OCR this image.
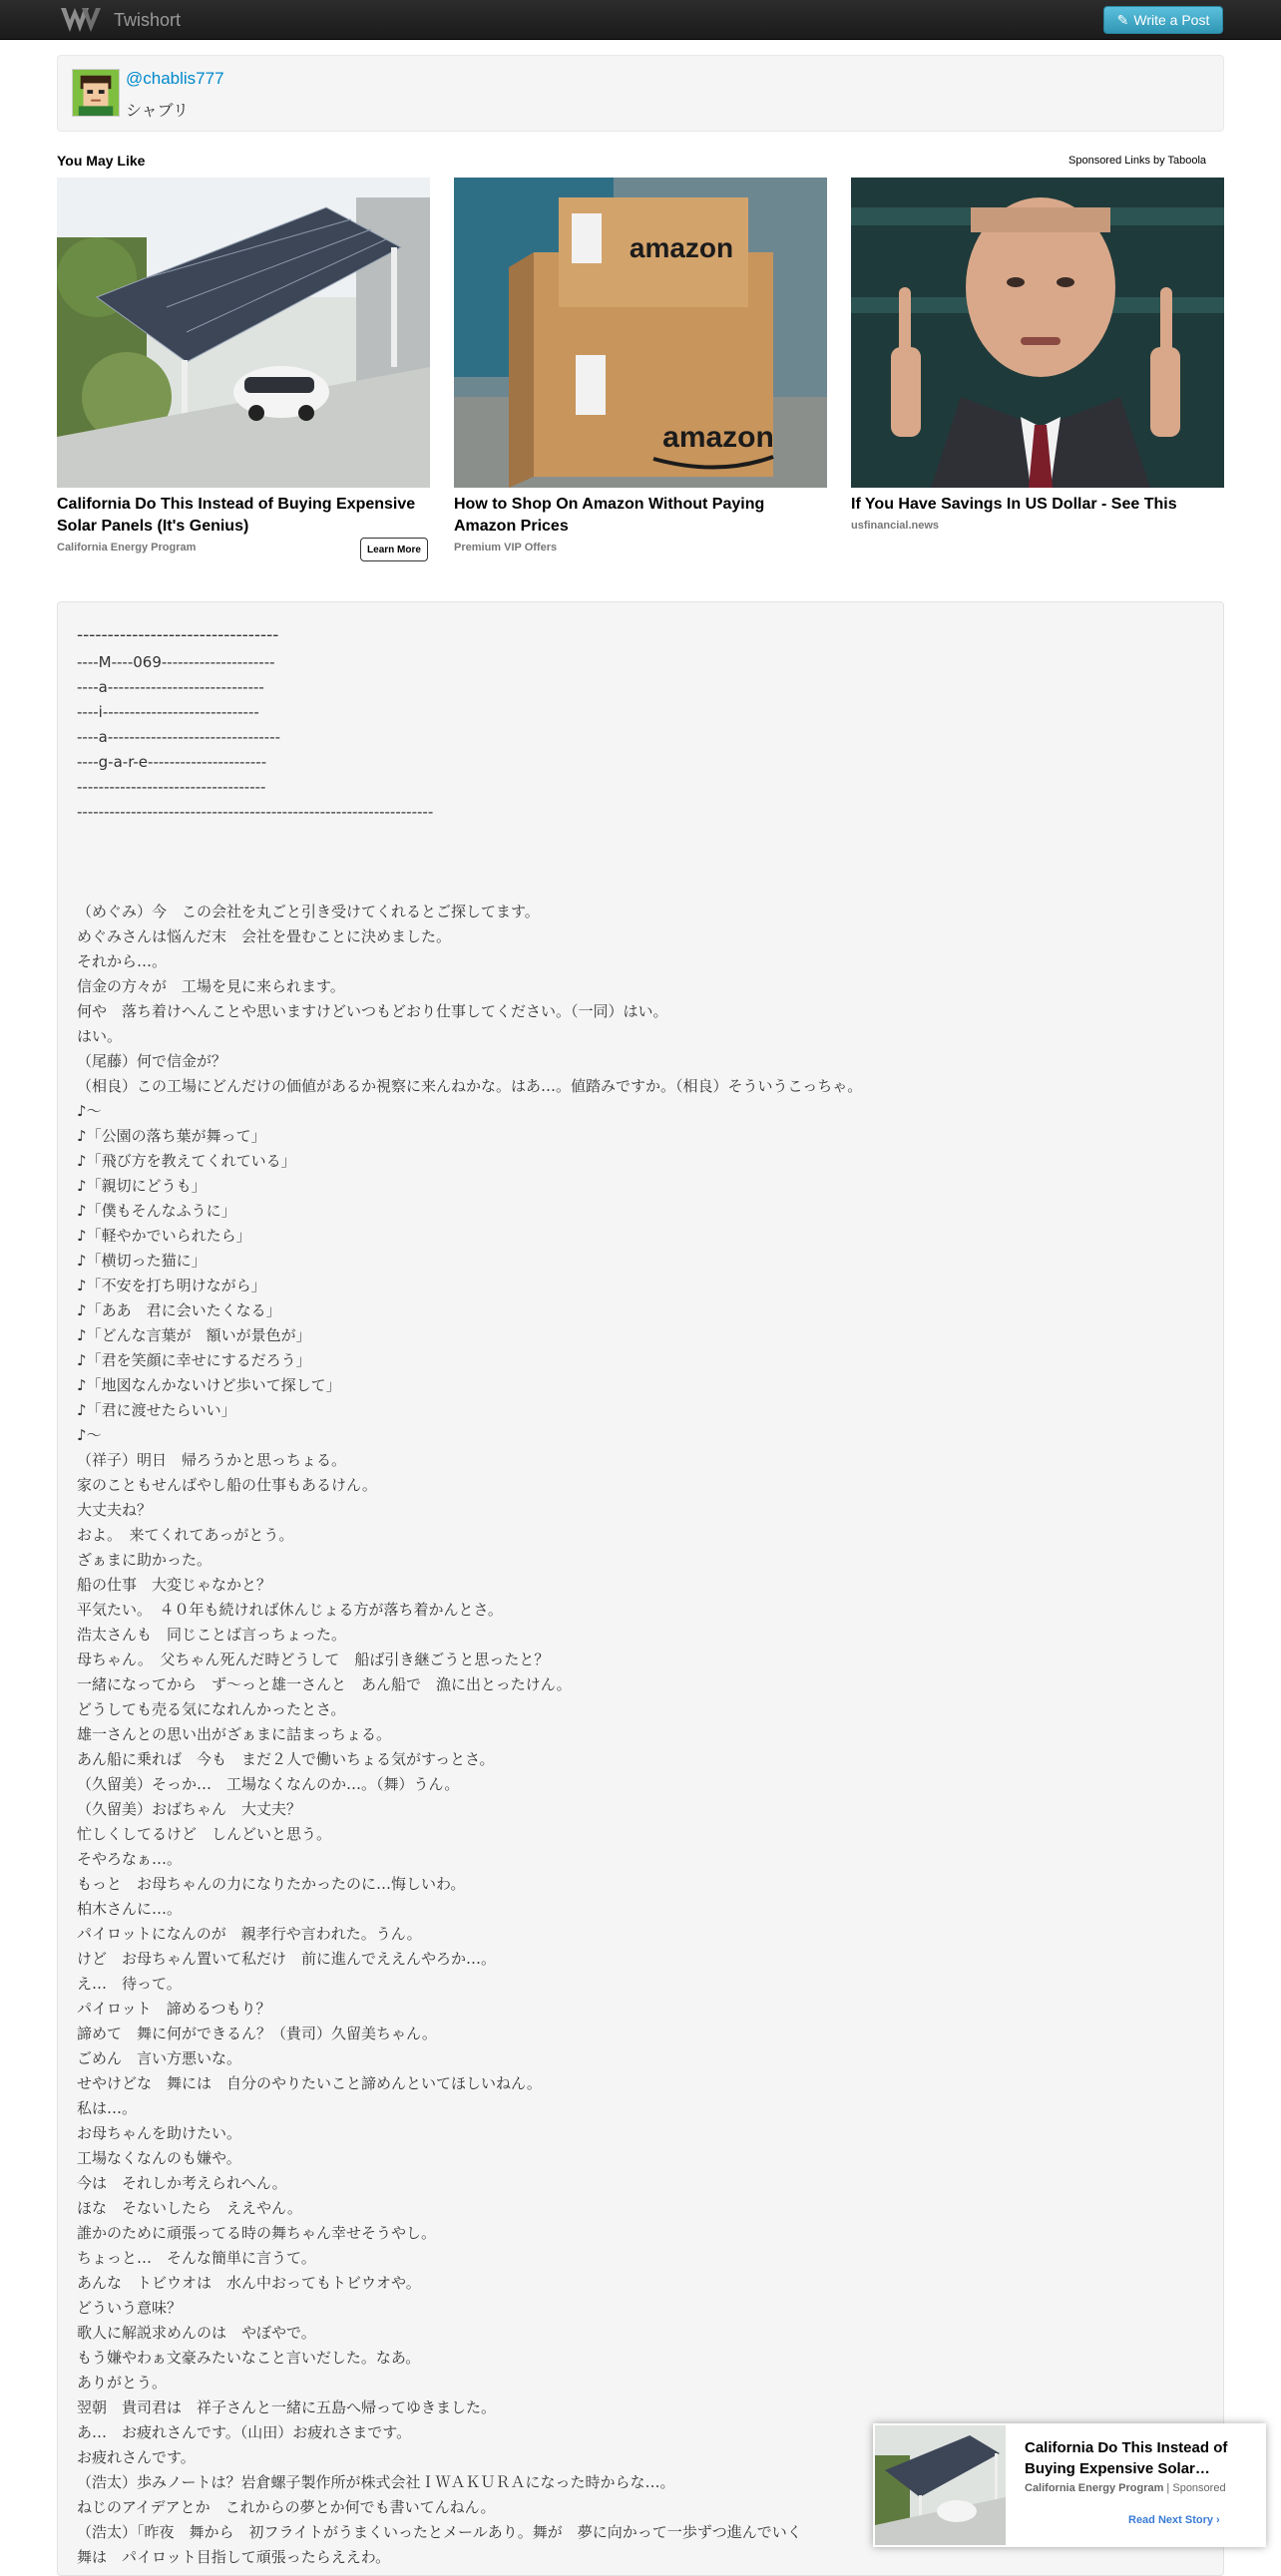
Twishort	✎ Write a Post
@chablis777
シャブリ
You May Like	Sponsored Links by Taboola
California Do This Instead of Buying Expensive Solar Panels (It's Genius)
California Energy Program	Learn More
amazon
amazon
How to Shop On Amazon Without Paying Amazon Prices
Premium VIP Offers
If You Have Savings In US Dollar - See This
usfinancial.news
---------------------------------
----M----069---------------------
----a-----------------------------
----i-----------------------------
----a--------------------------------
----g-a-r-e----------------------
-----------------------------------
------------------------------------------------------------------
（めぐみ）今　この会社を丸ごと引き受けてくれるとご探してます。
めぐみさんは悩んだ末　会社を畳むことに決めました。
それから…。
信金の方々が　工場を見に来られます。
何や　落ち着けへんことや思いますけどいつもどおり仕事してください。（一同）はい。
はい。
（尾藤）何で信金が？
（相良）この工場にどんだけの価値があるか視察に来んねかな。はあ…。値踏みですか。（相良）そういうこっちゃ。
♪～
♪「公園の落ち葉が舞って」
♪「飛び方を教えてくれている」
♪「親切にどうも」
♪「僕もそんなふうに」
♪「軽やかでいられたら」
♪「横切った猫に」
♪「不安を打ち明けながら」
♪「ああ　君に会いたくなる」
♪「どんな言葉が　額いが景色が」
♪「君を笑顔に幸せにするだろう」
♪「地図なんかないけど歩いて探して」
♪「君に渡せたらいい」
♪～
（祥子）明日　帰ろうかと思っちょる。
家のこともせんばやし船の仕事もあるけん。
大丈夫ね？
およ。　来てくれてあっがとう。
ざぁまに助かった。
船の仕事　大変じゃなかと？
平気たい。　４０年も続ければ休んじょる方が落ち着かんとさ。
浩太さんも　同じことば言っちょった。
母ちゃん。　父ちゃん死んだ時どうして　船ば引き継ごうと思ったと？
一緒になってから　ず～っと雄一さんと　あん船で　漁に出とったけん。
どうしても売る気になれんかったとさ。
雄一さんとの思い出がざぁまに詰まっちょる。
あん船に乗れば　今も　まだ２人で働いちょる気がすっとさ。
（久留美）そっか…　工場なくなんのか…。（舞）うん。
（久留美）おばちゃん　大丈夫？
忙しくしてるけど　しんどいと思う。
そやろなぁ…。
もっと　お母ちゃんの力になりたかったのに…悔しいわ。
柏木さんに…。
パイロットになんのが　親孝行や言われた。うん。
けど　お母ちゃん置いて私だけ　前に進んでええんやろか…。
え…　待って。
パイロット　諦めるつもり？
諦めて　舞に何ができるん？（貴司）久留美ちゃん。
ごめん　言い方悪いな。
せやけどな　舞には　自分のやりたいこと諦めんといてほしいねん。
私は…。
お母ちゃんを助けたい。
工場なくなんのも嫌や。
今は　それしか考えられへん。
ほな　そないしたら　ええやん。
誰かのために頑張ってる時の舞ちゃん幸せそうやし。
ちょっと…　そんな簡単に言うて。
あんな　トビウオは　水ん中おってもトビウオや。
どういう意味？
歌人に解説求めんのは　やぼやで。
もう嫌やわぁ文豪みたいなこと言いだした。なあ。
ありがとう。
翌朝　貴司君は　祥子さんと一緒に五島へ帰ってゆきました。
あ…　お疲れさんです。（山田）お疲れさまです。
お疲れさんです。
（浩太）歩みノートは？岩倉螺子製作所が株式会社ＩＷＡＫＵＲＡになった時からな…。
ねじのアイデアとか　これからの夢とか何でも書いてんねん。
（浩太）「昨夜　舞から　初フライトがうまくいったとメールあり。舞が　夢に向かって一歩ずつ進んでいく
舞は　パイロット目指して頑張ったらええわ。
California Do This Instead of Buying Expensive Solar…
California Energy Program | Sponsored
Read Next Story ›
